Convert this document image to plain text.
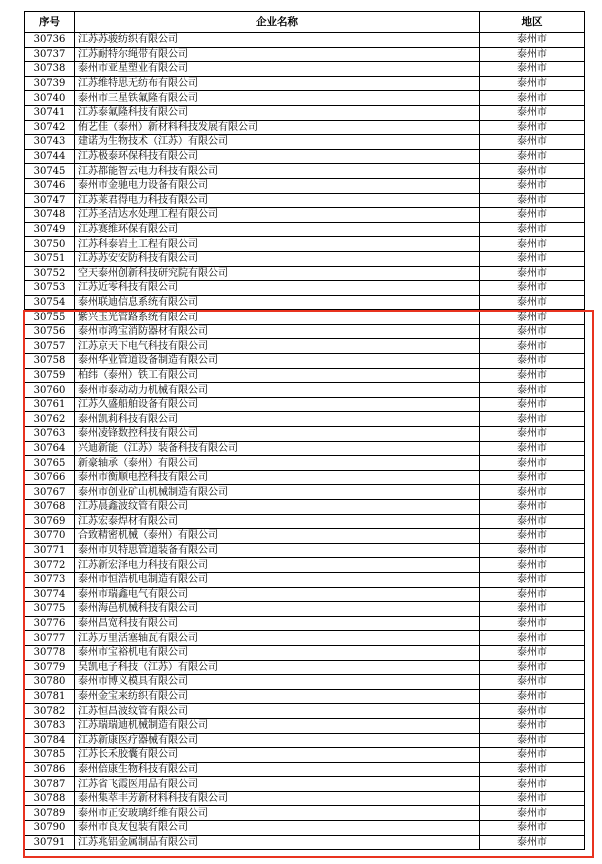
序号	企业名称	地区
30736	江苏苏骏纺织有限公司	泰州市
30737	江苏耐特尔绳带有限公司	泰州市
30738	泰州市亚星塑业有限公司	泰州市
30739	江苏维特思无纺布有限公司	泰州市
30740	泰州市三星铁氟隆有限公司	泰州市
30741	江苏泰氟隆科技有限公司	泰州市
30742	侑艺佳（泰州）新材料科技发展有限公司	泰州市
30743	建诺为生物技术（江苏）有限公司	泰州市
30744	江苏极泰环保科技有限公司	泰州市
30745	江苏都能智云电力科技有限公司	泰州市
30746	泰州市金驰电力设备有限公司	泰州市
30747	江苏莱君得电力科技有限公司	泰州市
30748	江苏圣洁达水处理工程有限公司	泰州市
30749	江苏赛维环保有限公司	泰州市
30750	江苏科泰岩土工程有限公司	泰州市
30751	江苏苏安安防科技有限公司	泰州市
30752	空天泰州创新科技研究院有限公司	泰州市
30753	江苏近零科技有限公司	泰州市
30754	泰州联迪信息系统有限公司	泰州市
30755	紫兴玉光管路系统有限公司	泰州市
30756	泰州市鸿宝消防器材有限公司	泰州市
30757	江苏京天下电气科技有限公司	泰州市
30758	泰州华业管道设备制造有限公司	泰州市
30759	柏纬（泰州）铁工有限公司	泰州市
30760	泰州市泰动动力机械有限公司	泰州市
30761	江苏久盛船舶设备有限公司	泰州市
30762	泰州凯莉科技有限公司	泰州市
30763	泰州凌锋数控科技有限公司	泰州市
30764	兴迪新能（江苏）装备科技有限公司	泰州市
30765	新豪轴承（泰州）有限公司	泰州市
30766	泰州市衡顺电控科技有限公司	泰州市
30767	泰州市创业矿山机械制造有限公司	泰州市
30768	江苏晨鑫波纹管有限公司	泰州市
30769	江苏宏泰焊材有限公司	泰州市
30770	合致精密机械（泰州）有限公司	泰州市
30771	泰州市贝特思管道装备有限公司	泰州市
30772	江苏新宏泽电力科技有限公司	泰州市
30773	泰州市恒浩机电制造有限公司	泰州市
30774	泰州市瑞鑫电气有限公司	泰州市
30775	泰州海邑机械科技有限公司	泰州市
30776	泰州昌宽科技有限公司	泰州市
30777	江苏万里活塞轴瓦有限公司	泰州市
30778	泰州市宝裕机电有限公司	泰州市
30779	吴凯电子科技（江苏）有限公司	泰州市
30780	泰州市博义模具有限公司	泰州市
30781	泰州金宝来纺织有限公司	泰州市
30782	江苏恒昌波纹管有限公司	泰州市
30783	江苏瑞瑞迪机械制造有限公司	泰州市
30784	江苏新康医疗器械有限公司	泰州市
30785	江苏长禾胶囊有限公司	泰州市
30786	泰州倍康生物科技有限公司	泰州市
30787	江苏省飞霞医用品有限公司	泰州市
30788	泰州集萃丰芳新材料科技有限公司	泰州市
30789	泰州市正安玻璃纤维有限公司	泰州市
30790	泰州市良友包装有限公司	泰州市
30791	江苏兆铝金属制品有限公司	泰州市
